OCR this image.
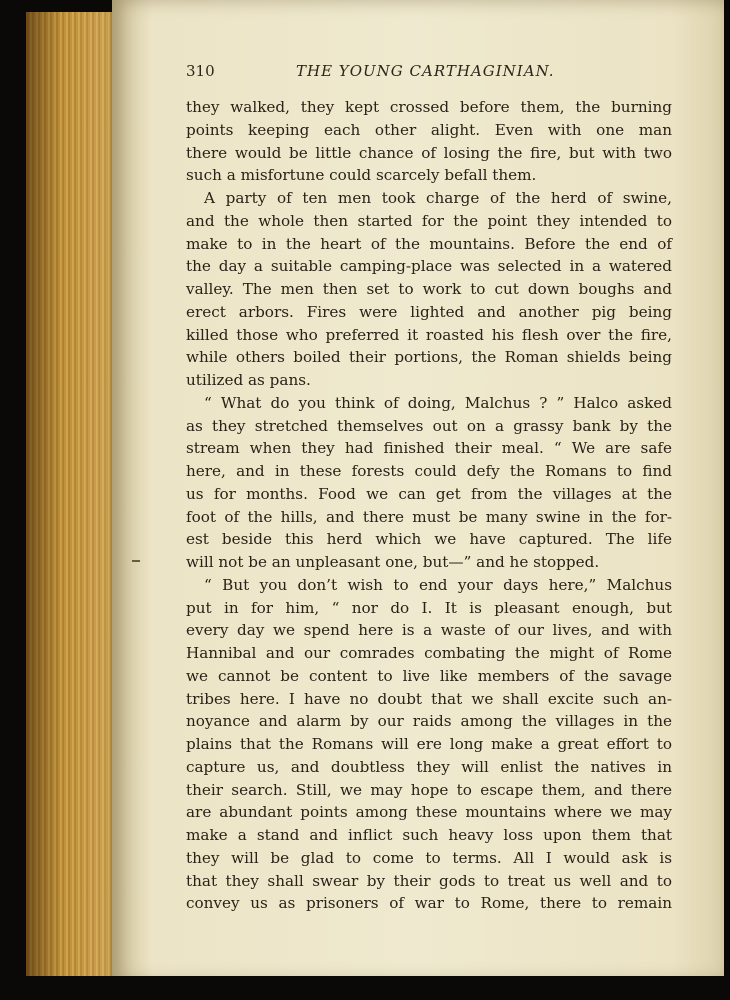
310	THE YOUNG CARTHAGINIAN.
they walked, they kept crossed before them, the burning
points keeping each other alight. Even with one man
there would be little chance of losing the fire, but with two
such a misfortune could scarcely befall them.
A party of ten men took charge of the herd of swine,
and the whole then started for the point they intended to
make to in the heart of the mountains. Before the end of
the day a suitable camping-place was selected in a watered
valley. The men then set to work to cut down boughs and
erect arbors. Fires were lighted and another pig being
killed those who preferred it roasted his flesh over the fire,
while others boiled their portions, the Roman shields being
utilized as pans.
“ What do you think of doing, Malchus ? ” Halco asked
as they stretched themselves out on a grassy bank by the
stream when they had finished their meal. “ We are safe
here, and in these forests could defy the Romans to find
us for months. Food we can get from the villages at the
foot of the hills, and there must be many swine in the for-
est beside this herd which we have captured. The life
will not be an unpleasant one, but—” and he stopped.
“ But you don’t wish to end your days here,” Malchus
put in for him, “ nor do I. It is pleasant enough, but
every day we spend here is a waste of our lives, and with
Hannibal and our comrades combating the might of Rome
we cannot be content to live like members of the savage
tribes here. I have no doubt that we shall excite such an-
noyance and alarm by our raids among the villages in the
plains that the Romans will ere long make a great effort to
capture us, and doubtless they will enlist the natives in
their search. Still, we may hope to escape them, and there
are abundant points among these mountains where we may
make a stand and inflict such heavy loss upon them that
they will be glad to come to terms. All I would ask is
that they shall swear by their gods to treat us well and to
convey us as prisoners of war to Rome, there to remain
